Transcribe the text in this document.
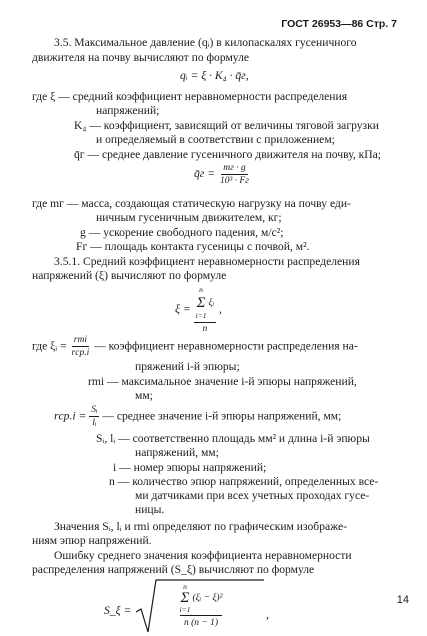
ГОСТ 26953—86 Стр. 7
3.5. Максимальное давление (qᵢ) в килопаскалях гусеничного
движителя на почву вычисляют по формуле
qᵢ = ξ · K₄ · q̄г,
где ξ — средний коэффициент неравномерности распределения
напряжений;
K₄ — коэффициент, зависящий от величины тяговой загрузки
и определяемый в соответствии с приложением;
q̄г — среднее давление гусеничного движителя на почву, кПа;
q̄г = $\frac{mг \cdot g}{\text{10³ · Fг}}$
где mг — масса, создающая статическую нагрузку на почву еди-
ничным гусеничным движителем, кг;
g — ускорение свободного падения, м/с²;
Fг — площадь контакта гусеницы с почвой, м².
3.5.1. Средний коэффициент неравномерности распределения
напряжений (ξ) вычисляют по формуле
ξ = n
Σ
i=1
ξᵢ
n ,
где ξᵢ = $\frac{\text{rmi}}{\text{rср.i}}$ — коэффициент неравномерности распределения на-
пряжений i-й эпюры;
rmi — максимальное значение i-й эпюры напряжений,
мм;
$rср.i = \frac{\text{Sᵢ}}{\text{lᵢ}}$ — среднее значение i-й эпюры напряжений, мм;
Sᵢ, lᵢ — соответственно площадь мм² и длина i-й эпюры
напряжений, мм;
i — номер эпюры напряжений;
n — количество эпюр напряжений, определенных все-
ми датчиками при всех учетных проходах гусе-
ницы.
Значения Sᵢ, lᵢ и rmi определяют по графическим изображе-
ниям эпюр напряжений.
Ошибку среднего значения коэффициента неравномерности
распределения напряжений (S_ξ) вычисляют по формуле
S_ξ =
n
Σ
i=1
(ξᵢ − ξ)²
n (n − 1)
,
14
